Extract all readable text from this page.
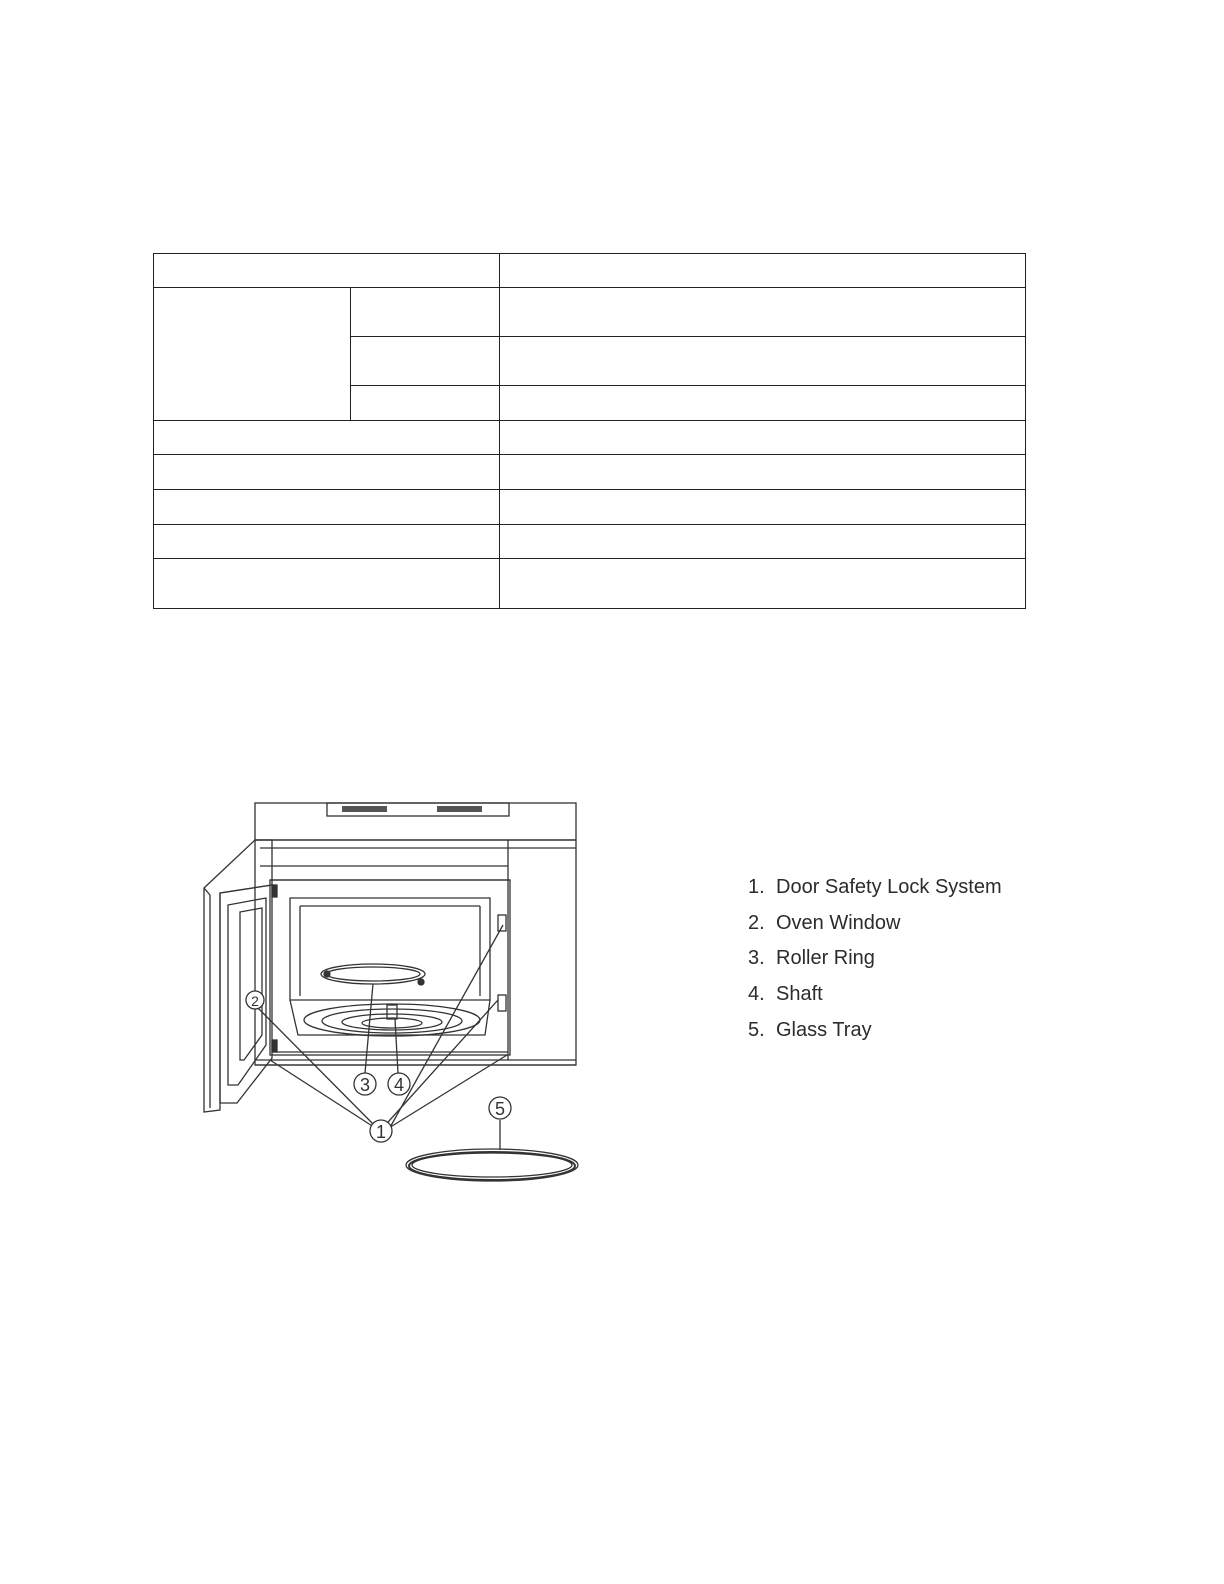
1
2
3 4
5
1. Door Safety Lock System
2. Oven Window
3. Roller Ring
4. Shaft
5. Glass Tray
